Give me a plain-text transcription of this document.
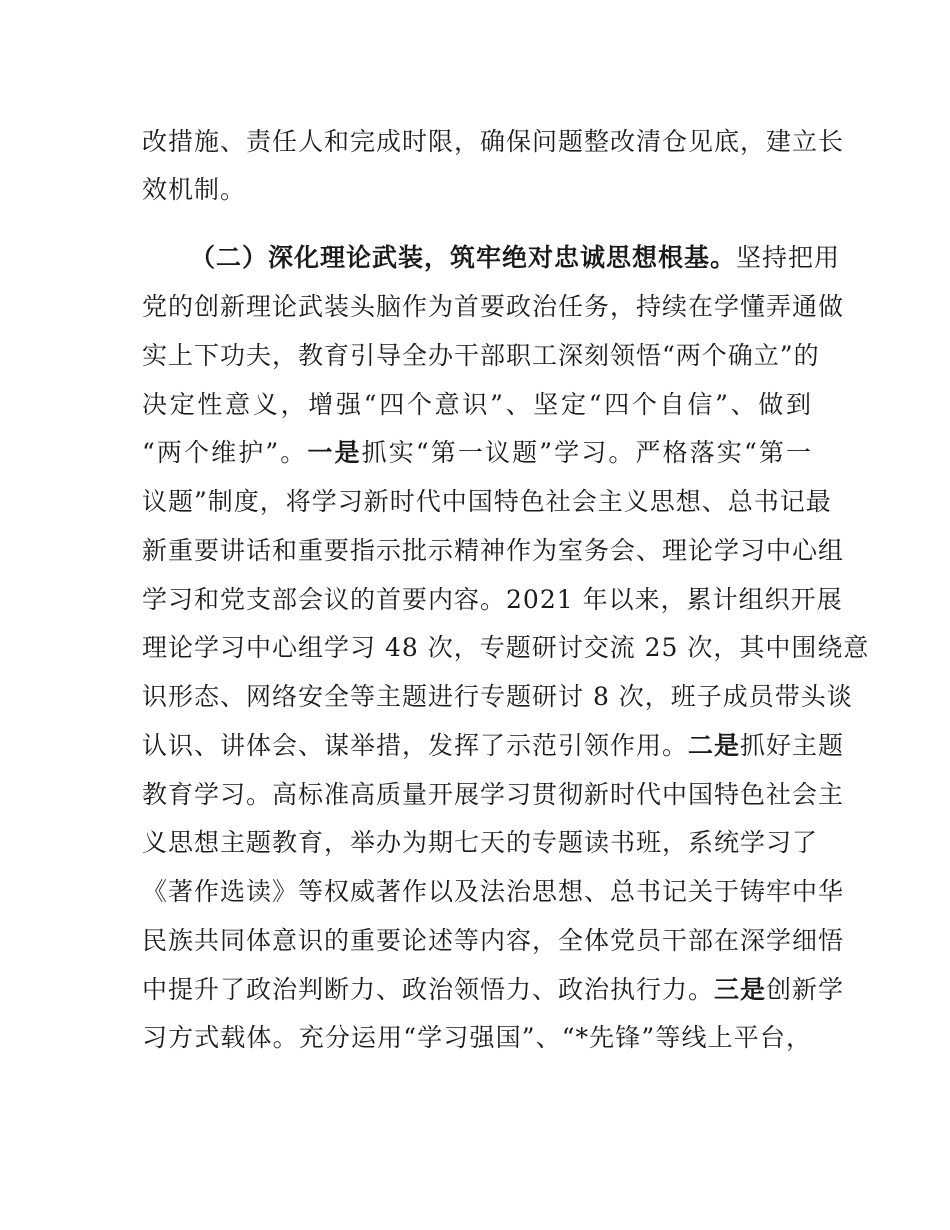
改措施、责任人和完成时限，确保问题整改清仓见底，建立长
效机制。
（二）深化理论武装，筑牢绝对忠诚思想根基。坚持把用
党的创新理论武装头脑作为首要政治任务，持续在学懂弄通做
实上下功夫，教育引导全办干部职工深刻领悟“两个确立”的
决定性意义，增强“四个意识”、坚定“四个自信”、做到
“两个维护”。一是抓实“第一议题”学习。严格落实“第一
议题”制度，将学习新时代中国特色社会主义思想、总书记最
新重要讲话和重要指示批示精神作为室务会、理论学习中心组
学习和党支部会议的首要内容。2021 年以来，累计组织开展
理论学习中心组学习 48 次，专题研讨交流 25 次，其中围绕意
识形态、网络安全等主题进行专题研讨 8 次，班子成员带头谈
认识、讲体会、谋举措，发挥了示范引领作用。二是抓好主题
教育学习。高标准高质量开展学习贯彻新时代中国特色社会主
义思想主题教育，举办为期七天的专题读书班，系统学习了
《著作选读》等权威著作以及法治思想、总书记关于铸牢中华
民族共同体意识的重要论述等内容，全体党员干部在深学细悟
中提升了政治判断力、政治领悟力、政治执行力。三是创新学
习方式载体。充分运用“学习强国”、“*先锋”等线上平台，
